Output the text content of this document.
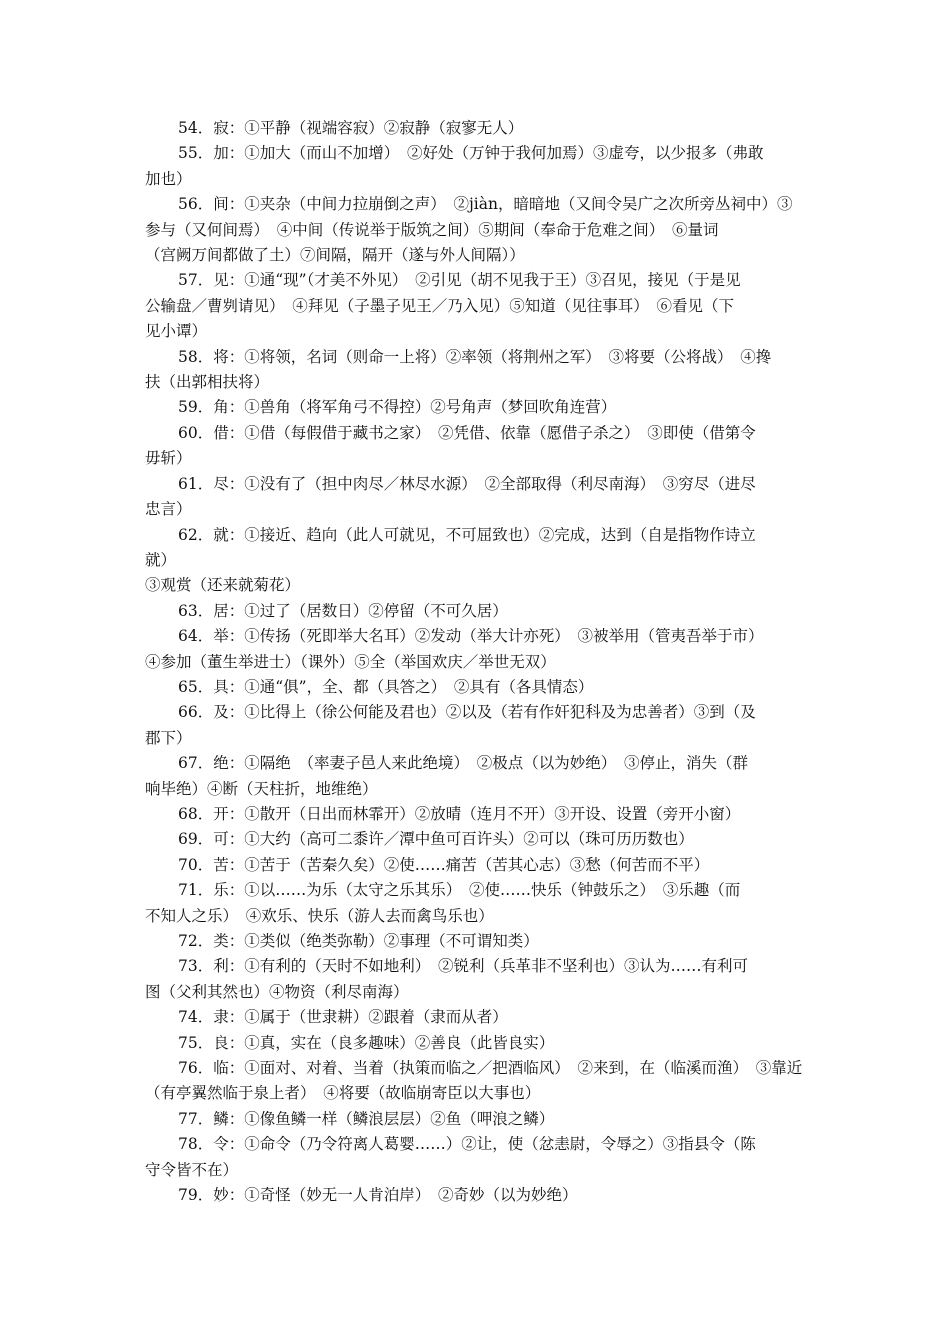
54．寂：①平静（视端容寂）②寂静（寂寥无人）

55．加：①加大（而山不加增）　②好处（万钟于我何加焉）③虚夸，以少报多（弗敢
加也）

56．间：①夹杂（中间力拉崩倒之声）　②jiàn，暗暗地（又间令吴广之次所旁丛祠中）③
参与（又何间焉）　④中间（传说举于版筑之间）⑤期间（奉命于危难之间）　⑥量词
（宫阙万间都做了土）⑦间隔，隔开（遂与外人间隔））

57．见：①通“现”（才美不外见）　②引见（胡不见我于王）③召见，接见（于是见
公输盘／曹刿请见）　④拜见（子墨子见王／乃入见）⑤知道（见往事耳）　⑥看见（下
见小谭）

58．将：①将领，名词（则命一上将）②率领（将荆州之军）　③将要（公将战）　④搀
扶（出郭相扶将）

59．角：①兽角（将军角弓不得控）②号角声（梦回吹角连营）

60．借：①借（每假借于藏书之家）　②凭借、依靠（愿借子杀之）　③即使（借第令
毋斩）

61．尽：①没有了（担中肉尽／林尽水源）　②全部取得（利尽南海）　③穷尽（进尽
忠言）

62．就：①接近、趋向（此人可就见，不可屈致也）②完成，达到（自是指物作诗立
就）
③观赏（还来就菊花）

63．居：①过了（居数日）②停留（不可久居）

64．举：①传扬（死即举大名耳）②发动（举大计亦死）　③被举用（管夷吾举于市）
④参加（董生举进士）（课外）⑤全（举国欢庆／举世无双）

65．具：①通“俱”，全、都（具答之）　②具有（各具情态）

66．及：①比得上（徐公何能及君也）②以及（若有作奸犯科及为忠善者）③到（及
郡下）

67．绝：①隔绝　（率妻子邑人来此绝境）　②极点（以为妙绝）　③停止，消失（群
响毕绝）④断（天柱折，地维绝）

68．开：①散开（日出而林霏开）②放晴（连月不开）③开设、设置（旁开小窗）

69．可：①大约（高可二黍许／潭中鱼可百许头）②可以（珠可历历数也）

70．苦：①苦于（苦秦久矣）②使……痛苦（苦其心志）③愁（何苦而不平）

71．乐：①以……为乐（太守之乐其乐）　②使……快乐（钟鼓乐之）　③乐趣（而
不知人之乐）　④欢乐、快乐（游人去而禽鸟乐也）

72．类：①类似（绝类弥勒）②事理（不可谓知类）

73．利：①有利的（天时不如地利）　②锐利（兵革非不坚利也）③认为……有利可
图（父利其然也）④物资（利尽南海）

74．隶：①属于（世隶耕）②跟着（隶而从者）

75．良：①真，实在（良多趣味）②善良（此皆良实）

76．临：①面对、对着、当着（执策而临之／把酒临风）　②来到，在（临溪而渔）　③靠近
（有亭翼然临于泉上者）　④将要（故临崩寄臣以大事也）

77．鳞：①像鱼鳞一样（鳞浪层层）②鱼（呷浪之鳞）

78．令：①命令（乃令符离人葛婴……）②让，使（忿恚尉，令辱之）③指县令（陈
守令皆不在）

79．妙：①奇怪（妙无一人肯泊岸）　②奇妙（以为妙绝）
